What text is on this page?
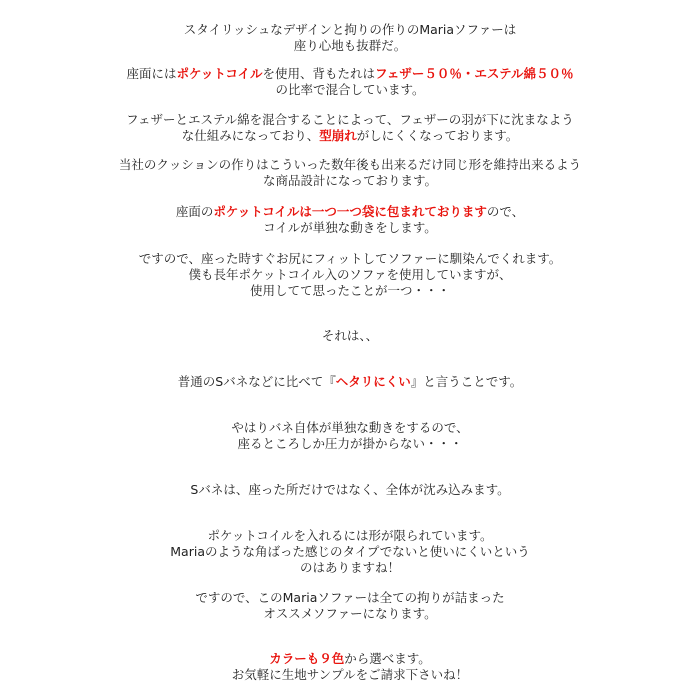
スタイリッシュなデザインと拘りの作りのMariaソファーは
座り心地も抜群だ。
座面にはポケットコイルを使用、背もたれはフェザー５０％・エステル綿５０％
の比率で混合しています。
フェザーとエステル綿を混合することによって、フェザーの羽が下に沈まなよう
な仕組みになっており、型崩れがしにくくなっております。
当社のクッションの作りはこういった数年後も出来るだけ同じ形を維持出来るよう
な商品設計になっております。
座面のポケットコイルは一つ一つ袋に包まれておりますので、
コイルが単独な動きをします。
ですので、座った時すぐお尻にフィットしてソファーに馴染んでくれます。
僕も長年ポケットコイル入のソファを使用していますが、
使用してて思ったことが一つ・・・
それは、、
普通のSバネなどに比べて『ヘタリにくい』と言うことです。
やはりバネ自体が単独な動きをするので、
座るところしか圧力が掛からない・・・
Sバネは、座った所だけではなく、全体が沈み込みます。
ポケットコイルを入れるには形が限られています。
Mariaのような角ばった感じのタイプでないと使いにくいという
のはありますね！
ですので、このMariaソファーは全ての拘りが詰まった
オススメソファーになります。
カラーも９色から選べます。
お気軽に生地サンプルをご請求下さいね！
